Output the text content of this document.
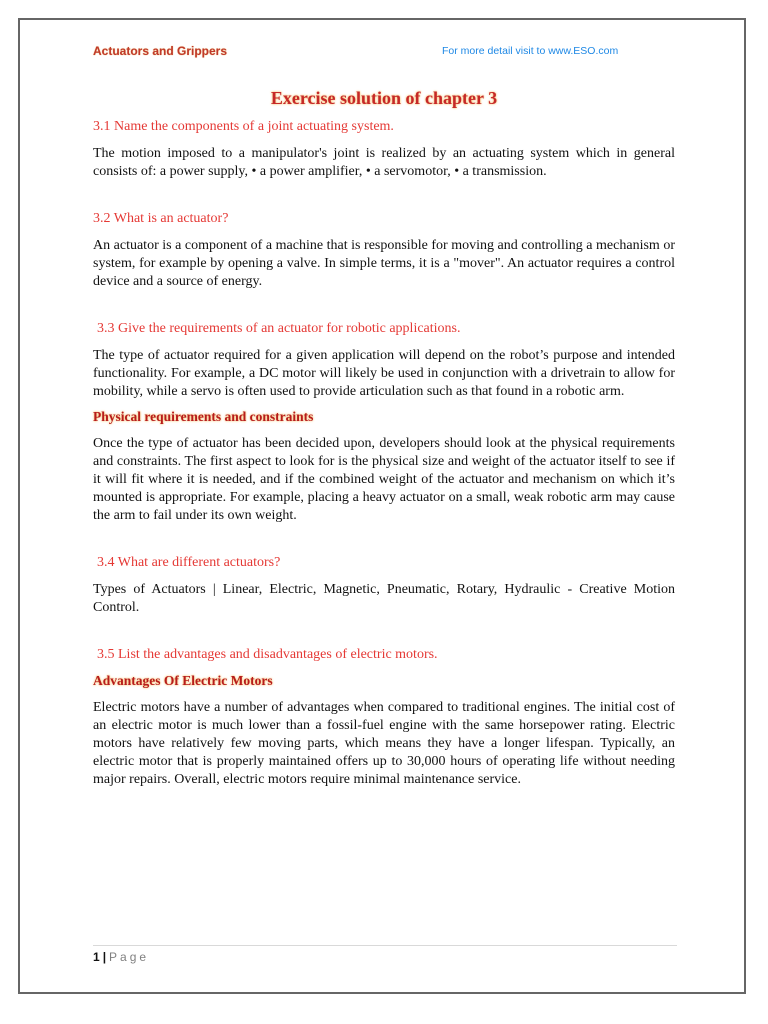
Actuators and Grippers	For more detail visit to www.ESO.com
Exercise solution of chapter 3
3.1 Name the components of a joint actuating system.

The motion imposed to a manipulator's joint is realized by an actuating system which in general consists of: a power supply, • a power amplifier, • a servomotor, • a transmission.

3.2 What is an actuator?

An actuator is a component of a machine that is responsible for moving and controlling a mechanism or system, for example by opening a valve. In simple terms, it is a "mover". An actuator requires a control device and a source of energy.

3.3 Give the requirements of an actuator for robotic applications.

The type of actuator required for a given application will depend on the robot’s purpose and intended functionality. For example, a DC motor will likely be used in conjunction with a drivetrain to allow for mobility, while a servo is often used to provide articulation such as that found in a robotic arm.

Physical requirements and constraints

Once the type of actuator has been decided upon, developers should look at the physical requirements and constraints. The first aspect to look for is the physical size and weight of the actuator itself to see if it will fit where it is needed, and if the combined weight of the actuator and mechanism on which it’s mounted is appropriate. For example, placing a heavy actuator on a small, weak robotic arm may cause the arm to fail under its own weight.

3.4 What are different actuators?

Types of Actuators | Linear, Electric, Magnetic, Pneumatic, Rotary, Hydraulic - Creative Motion Control.

3.5 List the advantages and disadvantages of electric motors.
Advantages Of Electric Motors

Electric motors have a number of advantages when compared to traditional engines. The initial cost of an electric motor is much lower than a fossil-fuel engine with the same horsepower rating. Electric motors have relatively few moving parts, which means they have a longer lifespan. Typically, an electric motor that is properly maintained offers up to 30,000 hours of operating life without needing major repairs. Overall, electric motors require minimal maintenance service.

1 | Page
